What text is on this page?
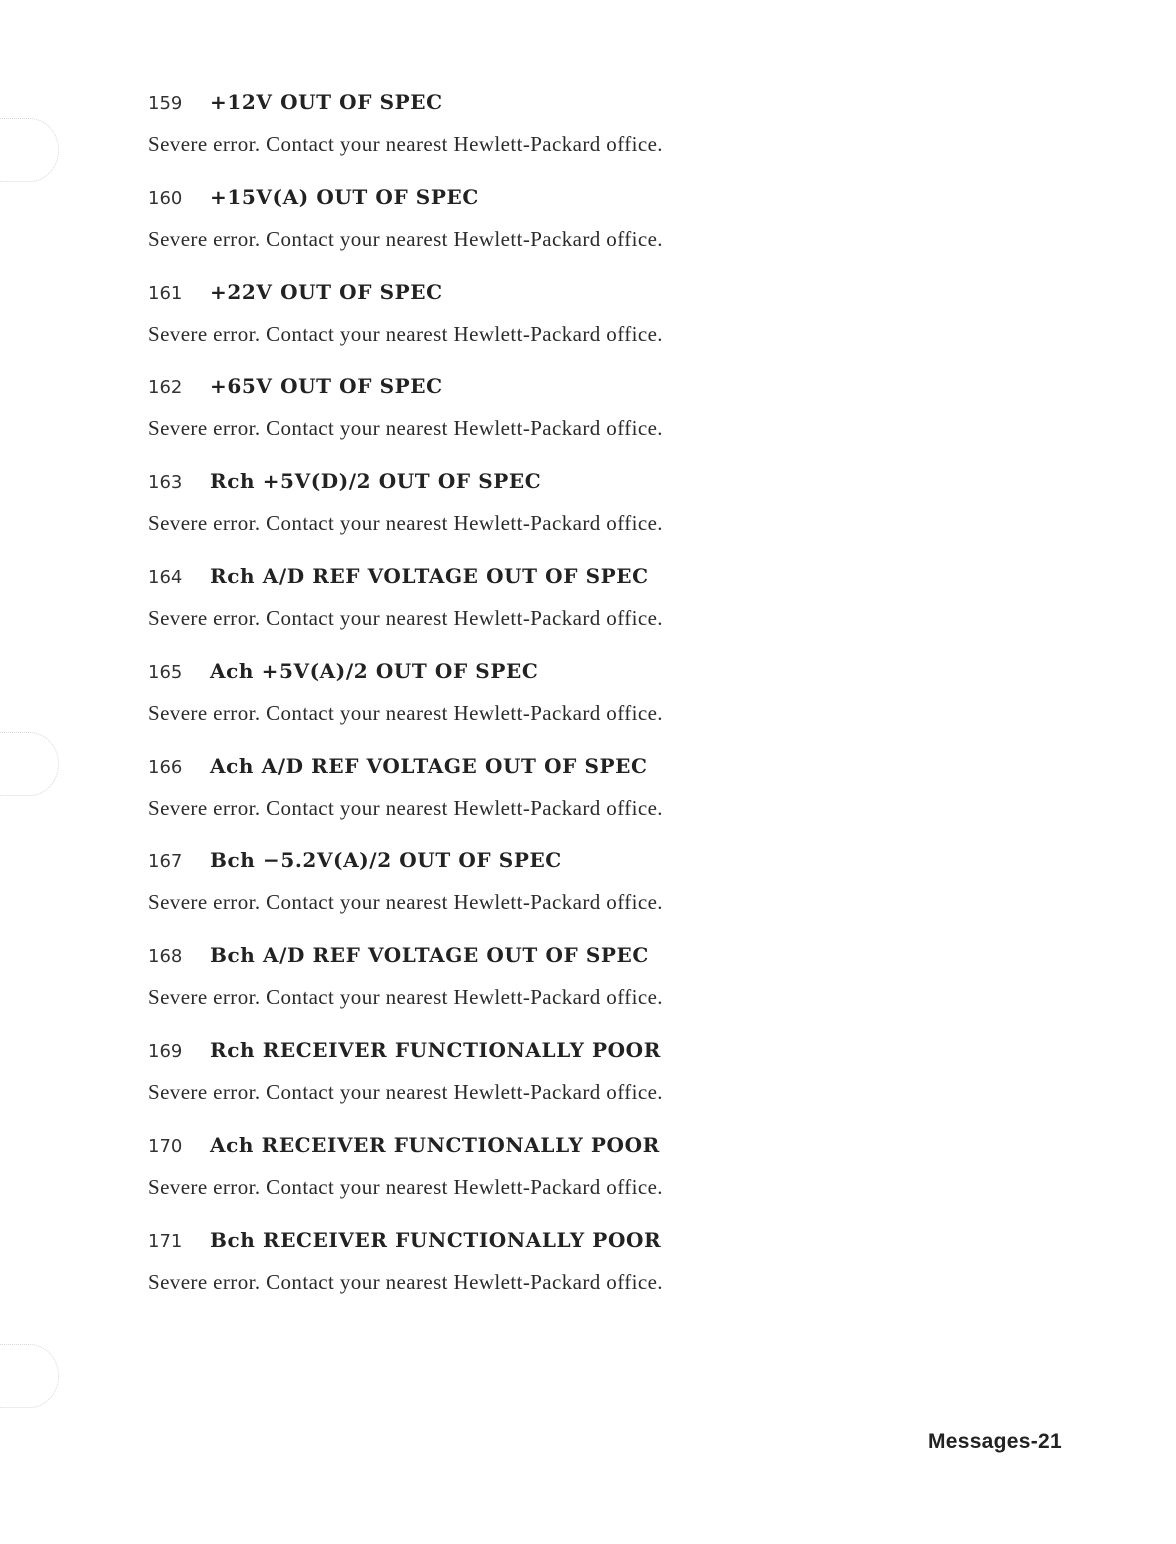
159	+12V OUT OF SPEC
Severe error. Contact your nearest Hewlett-Packard office.
160	+15V(A) OUT OF SPEC
Severe error. Contact your nearest Hewlett-Packard office.
161	+22V OUT OF SPEC
Severe error. Contact your nearest Hewlett-Packard office.
162	+65V OUT OF SPEC
Severe error. Contact your nearest Hewlett-Packard office.
163	Rch +5V(D)/2 OUT OF SPEC
Severe error. Contact your nearest Hewlett-Packard office.
164	Rch A/D REF VOLTAGE OUT OF SPEC
Severe error. Contact your nearest Hewlett-Packard office.
165	Ach +5V(A)/2 OUT OF SPEC
Severe error. Contact your nearest Hewlett-Packard office.
166	Ach A/D REF VOLTAGE OUT OF SPEC
Severe error. Contact your nearest Hewlett-Packard office.
167	Bch −5.2V(A)/2 OUT OF SPEC
Severe error. Contact your nearest Hewlett-Packard office.
168	Bch A/D REF VOLTAGE OUT OF SPEC
Severe error. Contact your nearest Hewlett-Packard office.
169	Rch RECEIVER FUNCTIONALLY POOR
Severe error. Contact your nearest Hewlett-Packard office.
170	Ach RECEIVER FUNCTIONALLY POOR
Severe error. Contact your nearest Hewlett-Packard office.
171	Bch RECEIVER FUNCTIONALLY POOR
Severe error. Contact your nearest Hewlett-Packard office.
Messages-21
